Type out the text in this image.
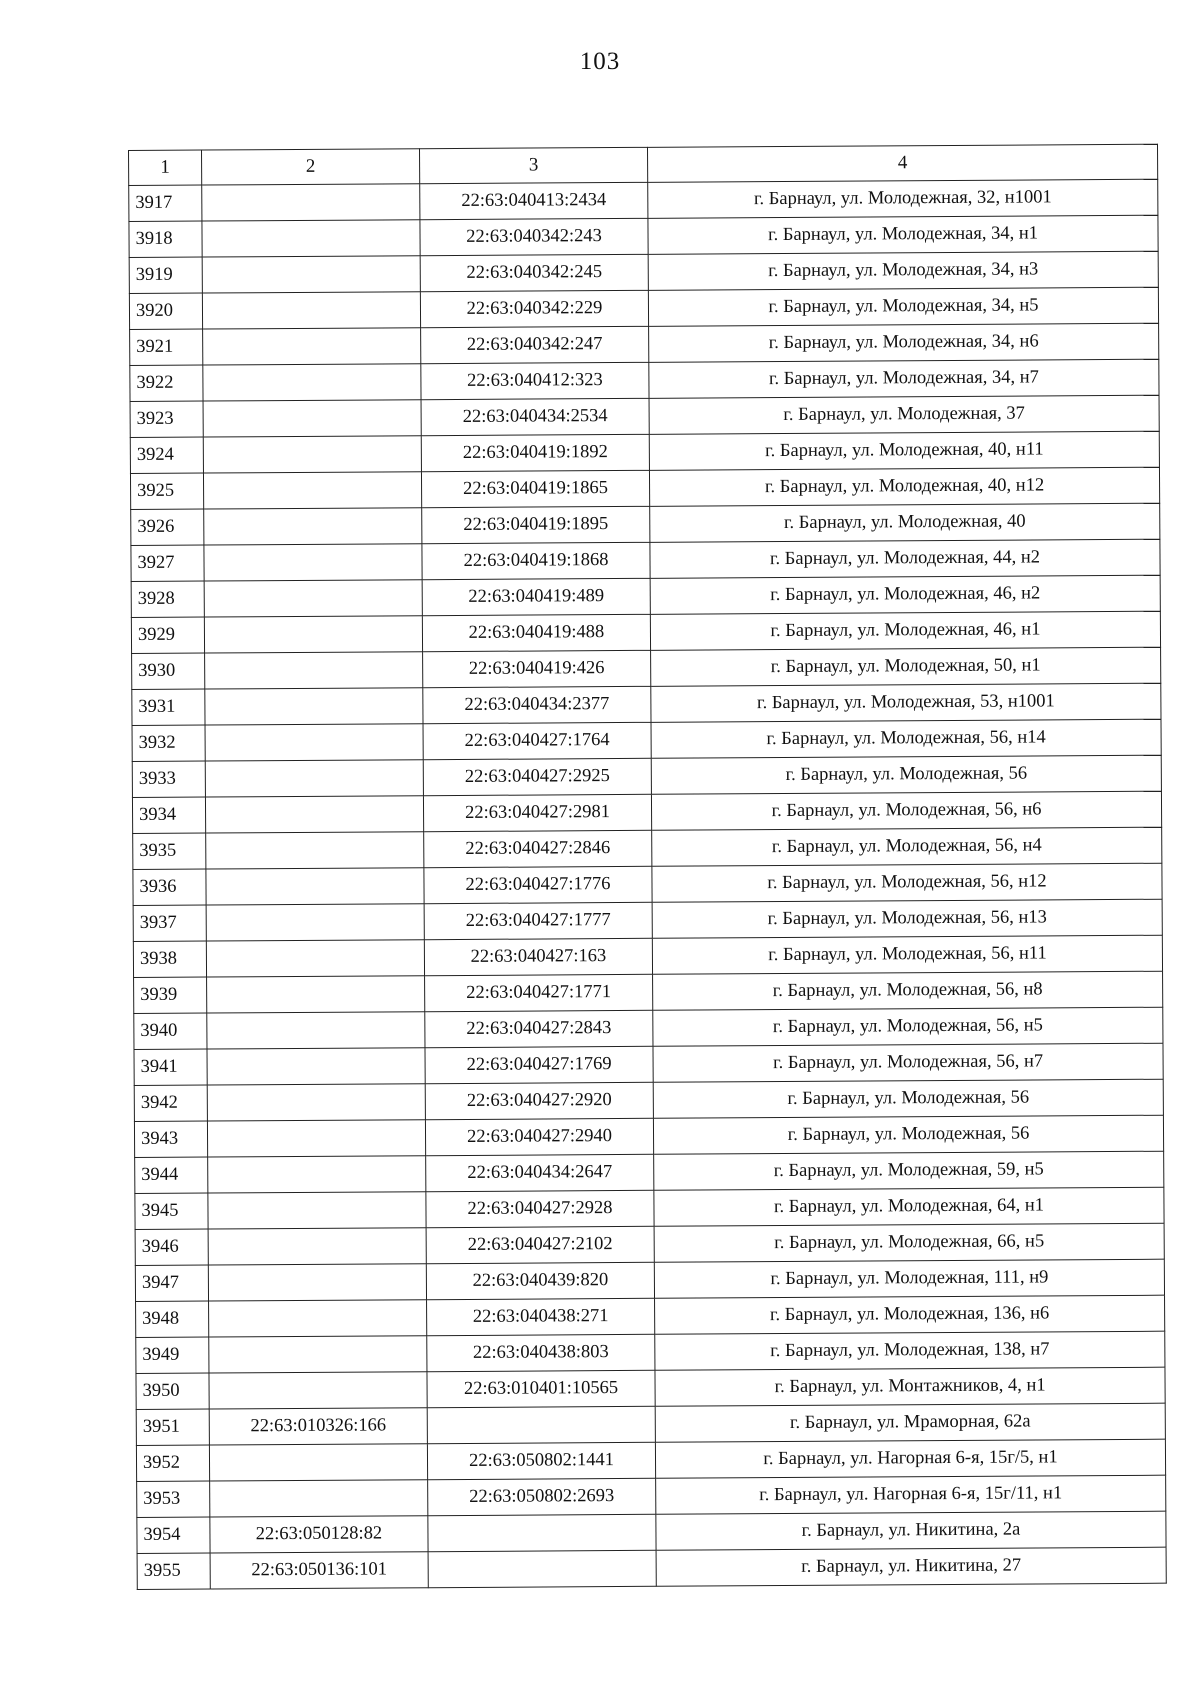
103
1	2	3	4
3917		22:63:040413:2434	г. Барнаул, ул. Молодежная, 32, н1001
3918		22:63:040342:243	г. Барнаул, ул. Молодежная, 34, н1
3919		22:63:040342:245	г. Барнаул, ул. Молодежная, 34, н3
3920		22:63:040342:229	г. Барнаул, ул. Молодежная, 34, н5
3921		22:63:040342:247	г. Барнаул, ул. Молодежная, 34, н6
3922		22:63:040412:323	г. Барнаул, ул. Молодежная, 34, н7
3923		22:63:040434:2534	г. Барнаул, ул. Молодежная, 37
3924		22:63:040419:1892	г. Барнаул, ул. Молодежная, 40, н11
3925		22:63:040419:1865	г. Барнаул, ул. Молодежная, 40, н12
3926		22:63:040419:1895	г. Барнаул, ул. Молодежная, 40
3927		22:63:040419:1868	г. Барнаул, ул. Молодежная, 44, н2
3928		22:63:040419:489	г. Барнаул, ул. Молодежная, 46, н2
3929		22:63:040419:488	г. Барнаул, ул. Молодежная, 46, н1
3930		22:63:040419:426	г. Барнаул, ул. Молодежная, 50, н1
3931		22:63:040434:2377	г. Барнаул, ул. Молодежная, 53, н1001
3932		22:63:040427:1764	г. Барнаул, ул. Молодежная, 56, н14
3933		22:63:040427:2925	г. Барнаул, ул. Молодежная, 56
3934		22:63:040427:2981	г. Барнаул, ул. Молодежная, 56, н6
3935		22:63:040427:2846	г. Барнаул, ул. Молодежная, 56, н4
3936		22:63:040427:1776	г. Барнаул, ул. Молодежная, 56, н12
3937		22:63:040427:1777	г. Барнаул, ул. Молодежная, 56, н13
3938		22:63:040427:163	г. Барнаул, ул. Молодежная, 56, н11
3939		22:63:040427:1771	г. Барнаул, ул. Молодежная, 56, н8
3940		22:63:040427:2843	г. Барнаул, ул. Молодежная, 56, н5
3941		22:63:040427:1769	г. Барнаул, ул. Молодежная, 56, н7
3942		22:63:040427:2920	г. Барнаул, ул. Молодежная, 56
3943		22:63:040427:2940	г. Барнаул, ул. Молодежная, 56
3944		22:63:040434:2647	г. Барнаул, ул. Молодежная, 59, н5
3945		22:63:040427:2928	г. Барнаул, ул. Молодежная, 64, н1
3946		22:63:040427:2102	г. Барнаул, ул. Молодежная, 66, н5
3947		22:63:040439:820	г. Барнаул, ул. Молодежная, 111, н9
3948		22:63:040438:271	г. Барнаул, ул. Молодежная, 136, н6
3949		22:63:040438:803	г. Барнаул, ул. Молодежная, 138, н7
3950		22:63:010401:10565	г. Барнаул, ул. Монтажников, 4, н1
3951	22:63:010326:166		г. Барнаул, ул. Мраморная, 62а
3952		22:63:050802:1441	г. Барнаул, ул. Нагорная 6-я, 15г/5, н1
3953		22:63:050802:2693	г. Барнаул, ул. Нагорная 6-я, 15г/11, н1
3954	22:63:050128:82		г. Барнаул, ул. Никитина, 2а
3955	22:63:050136:101		г. Барнаул, ул. Никитина, 27
